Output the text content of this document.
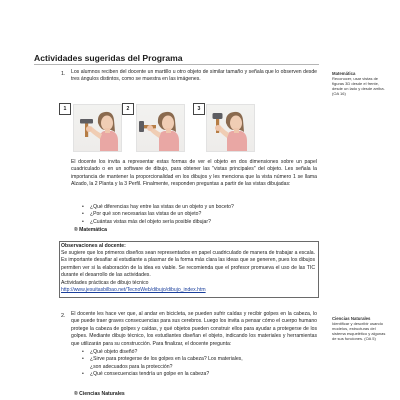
Actividades sugeridas del Programa
1. Los alumnos reciben del docente un martillo u otro objeto de similar tamaño y señala que lo observen desde tres ángulos distintos, como se muestra en las imágenes.
Matemática
Reconocer, usar vistas de figuras 3D desde el frente, desde un lado y desde arriba. (OA 16)
1	2	3
El docente los invita a representar estas formas de ver el objeto en dos dimensiones sobre un papel cuadriculado o en un software de dibujo, para obtener las "vistas principales" del objeto. Les señala la importancia de mantener la proporcionalidad en los dibujos y les menciona que la vista número 1 se llama Alzado, la 2 Planta y la 3 Perfil. Finalmente, responden preguntas a partir de las vistas dibujadas:
• ¿Qué diferencias hay entre las vistas de un objeto y un boceto?
• ¿Por qué son necesarias las vistas de un objeto?
• ¿Cuántas vistas más del objeto sería posible dibujar?
® Matemática
Observaciones al docente:
Se sugiere que los primeros diseños sean representados en papel cuadriculado de manera de trabajar a escala. Es importante desafiar al estudiante a plasmar de la forma más clara las ideas que se generen, pues los dibujos permiten ver si la elaboración de la idea es viable. Se recomienda que el profesor promueva el uso de las TIC durante el desarrollo de las actividades.
Actividades prácticas de dibujo técnico
http://www.jesuitasbilbao.net/TecnoWeb/dibujo/dibujo_index.htm
2. El docente les hace ver que, al andar en bicicleta, se pueden sufrir caídas y recibir golpes en la cabeza, lo que puede traer graves consecuencias para sus cerebros. Luego los invita a pensar cómo el cuerpo humano protege la cabeza de golpes y caídas, y qué objetos pueden construir ellos para ayudar a protegerse de los golpes. Mediante dibujo técnico, los estudiantes diseñan el objeto, indicando los materiales y herramientas que utilizarán para su construcción. Para finalizar, el docente pregunta:
Ciencias Naturales
Identificar y describir usando modelos, estructuras del sistema esquelético y algunas de sus funciones. (OA 5)
• ¿Qué objeto diseñó?
• ¿Sirve para protegerse de los golpes en la cabeza? Los materiales, ¿son adecuados para la protección?
• ¿Qué consecuencias tendría un golpe en la cabeza?
® Ciencias Naturales
